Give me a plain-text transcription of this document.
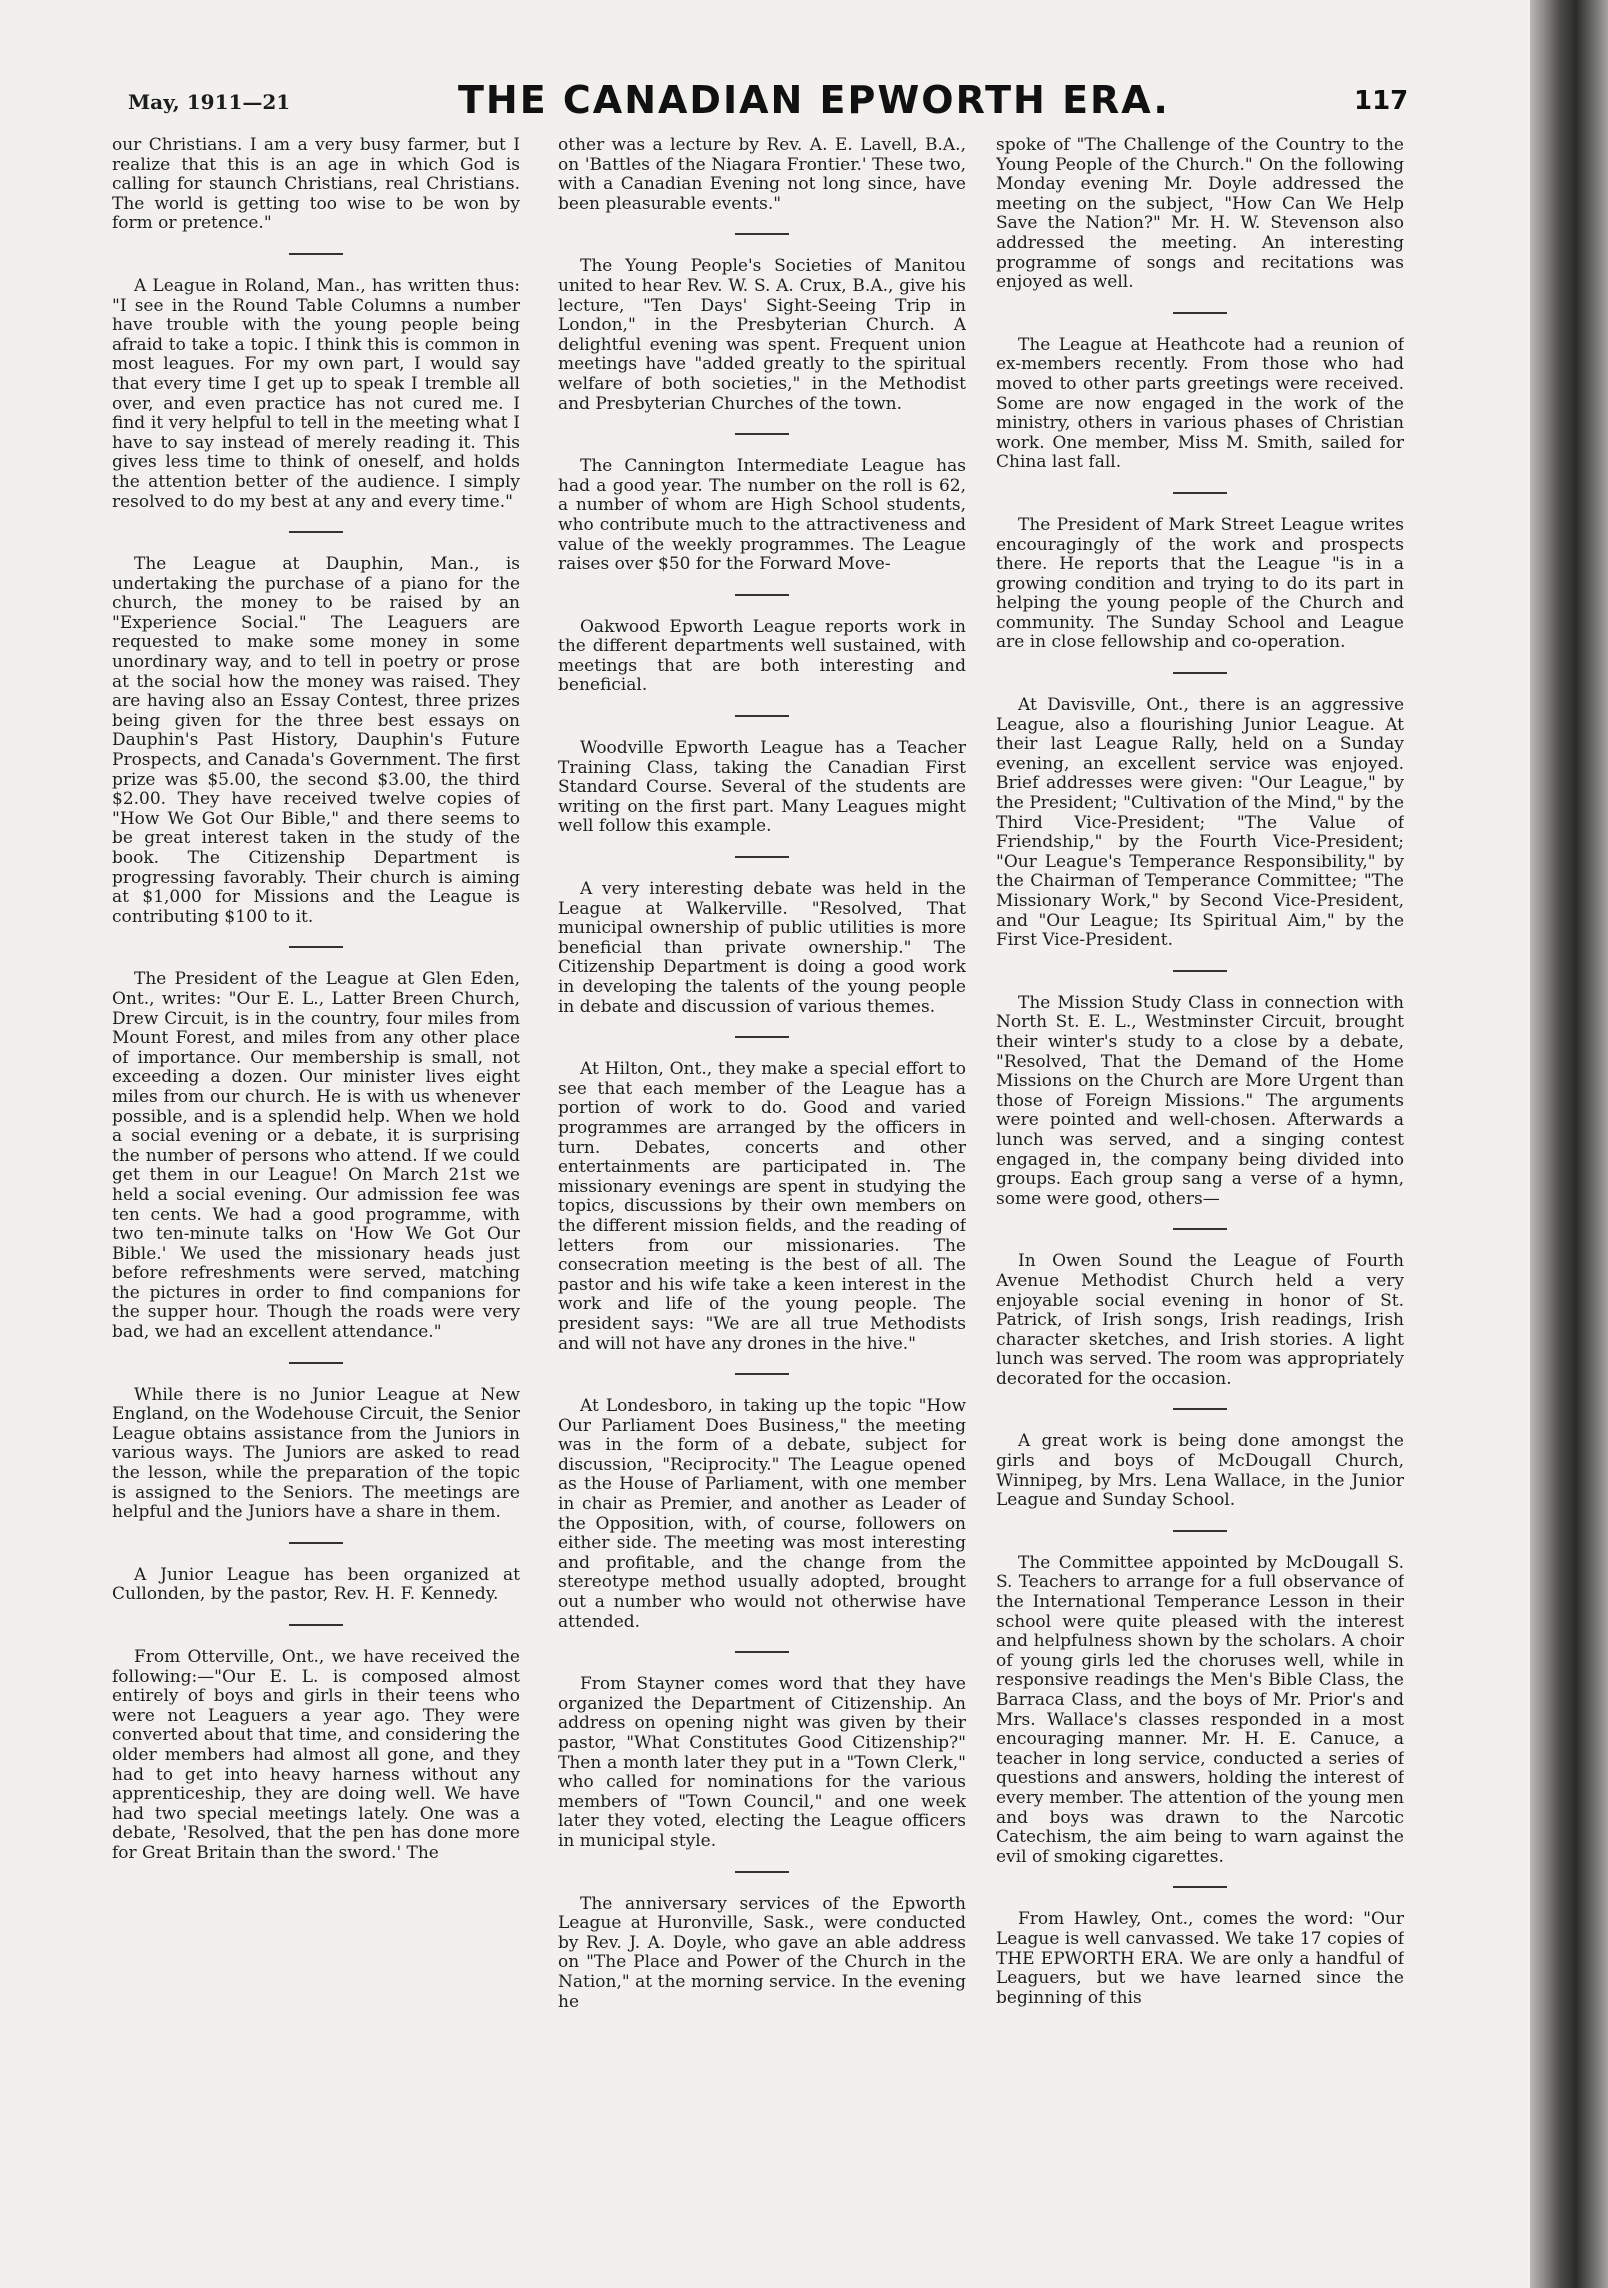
May, 1911—21	THE CANADIAN EPWORTH ERA.	117

our Christians. I am a very busy farmer, but I realize that this is an age in which God is calling for staunch Christians, real Christians. The world is getting too wise to be won by form or pretence."

A League in Roland, Man., has written thus: "I see in the Round Table Columns a number have trouble with the young people being afraid to take a topic. I think this is common in most leagues. For my own part, I would say that every time I get up to speak I tremble all over, and even practice has not cured me. I find it very helpful to tell in the meeting what I have to say instead of merely reading it. This gives less time to think of oneself, and holds the attention better of the audience. I simply resolved to do my best at any and every time."

The League at Dauphin, Man., is undertaking the purchase of a piano for the church, the money to be raised by an "Experience Social." The Leaguers are requested to make some money in some unordinary way, and to tell in poetry or prose at the social how the money was raised. They are having also an Essay Contest, three prizes being given for the three best essays on Dauphin's Past History, Dauphin's Future Prospects, and Canada's Government. The first prize was $5.00, the second $3.00, the third $2.00. They have received twelve copies of "How We Got Our Bible," and there seems to be great interest taken in the study of the book. The Citizenship Department is progressing favorably. Their church is aiming at $1,000 for Missions and the League is contributing $100 to it.

The President of the League at Glen Eden, Ont., writes: "Our E. L., Latter Breen Church, Drew Circuit, is in the country, four miles from Mount Forest, and miles from any other place of importance. Our membership is small, not exceeding a dozen. Our minister lives eight miles from our church. He is with us whenever possible, and is a splendid help. When we hold a social evening or a debate, it is surprising the number of persons who attend. If we could get them in our League! On March 21st we held a social evening. Our admission fee was ten cents. We had a good programme, with two ten-minute talks on 'How We Got Our Bible.' We used the missionary heads just before refreshments were served, matching the pictures in order to find companions for the supper hour. Though the roads were very bad, we had an excellent attendance."

While there is no Junior League at New England, on the Wodehouse Circuit, the Senior League obtains assistance from the Juniors in various ways. The Juniors are asked to read the lesson, while the preparation of the topic is assigned to the Seniors. The meetings are helpful and the Juniors have a share in them.

A Junior League has been organized at Cullonden, by the pastor, Rev. H. F. Kennedy.

From Otterville, Ont., we have received the following:—"Our E. L. is composed almost entirely of boys and girls in their teens who were not Leaguers a year ago. They were converted about that time, and considering the older members had almost all gone, and they had to get into heavy harness without any apprenticeship, they are doing well. We have had two special meetings lately. One was a debate, 'Resolved, that the pen has done more for Great Britain than the sword.' The

other was a lecture by Rev. A. E. Lavell, B.A., on 'Battles of the Niagara Frontier.' These two, with a Canadian Evening not long since, have been pleasurable events."

The Young People's Societies of Manitou united to hear Rev. W. S. A. Crux, B.A., give his lecture, "Ten Days' Sight-Seeing Trip in London," in the Presbyterian Church. A delightful evening was spent. Frequent union meetings have "added greatly to the spiritual welfare of both societies," in the Methodist and Presbyterian Churches of the town.

The Cannington Intermediate League has had a good year. The number on the roll is 62, a number of whom are High School students, who contribute much to the attractiveness and value of the weekly programmes. The League raises over $50 for the Forward Move-

Oakwood Epworth League reports work in the different departments well sustained, with meetings that are both interesting and beneficial.

Woodville Epworth League has a Teacher Training Class, taking the Canadian First Standard Course. Several of the students are writing on the first part. Many Leagues might well follow this example.

A very interesting debate was held in the League at Walkerville. "Resolved, That municipal ownership of public utilities is more beneficial than private ownership." The Citizenship Department is doing a good work in developing the talents of the young people in debate and discussion of various themes.

At Hilton, Ont., they make a special effort to see that each member of the League has a portion of work to do. Good and varied programmes are arranged by the officers in turn. Debates, concerts and other entertainments are participated in. The missionary evenings are spent in studying the topics, discussions by their own members on the different mission fields, and the reading of letters from our missionaries. The consecration meeting is the best of all. The pastor and his wife take a keen interest in the work and life of the young people. The president says: "We are all true Methodists and will not have any drones in the hive."

At Londesboro, in taking up the topic "How Our Parliament Does Business," the meeting was in the form of a debate, subject for discussion, "Reciprocity." The League opened as the House of Parliament, with one member in chair as Premier, and another as Leader of the Opposition, with, of course, followers on either side. The meeting was most interesting and profitable, and the change from the stereotype method usually adopted, brought out a number who would not otherwise have attended.

From Stayner comes word that they have organized the Department of Citizenship. An address on opening night was given by their pastor, "What Constitutes Good Citizenship?" Then a month later they put in a "Town Clerk," who called for nominations for the various members of "Town Council," and one week later they voted, electing the League officers in municipal style.

The anniversary services of the Epworth League at Huronville, Sask., were conducted by Rev. J. A. Doyle, who gave an able address on "The Place and Power of the Church in the Nation," at the morning service. In the evening he

spoke of "The Challenge of the Country to the Young People of the Church." On the following Monday evening Mr. Doyle addressed the meeting on the subject, "How Can We Help Save the Nation?" Mr. H. W. Stevenson also addressed the meeting. An interesting programme of songs and recitations was enjoyed as well.

The League at Heathcote had a reunion of ex-members recently. From those who had moved to other parts greetings were received. Some are now engaged in the work of the ministry, others in various phases of Christian work. One member, Miss M. Smith, sailed for China last fall.

The President of Mark Street League writes encouragingly of the work and prospects there. He reports that the League "is in a growing condition and trying to do its part in helping the young people of the Church and community. The Sunday School and League are in close fellowship and co-operation.

At Davisville, Ont., there is an aggressive League, also a flourishing Junior League. At their last League Rally, held on a Sunday evening, an excellent service was enjoyed. Brief addresses were given: "Our League," by the President; "Cultivation of the Mind," by the Third Vice-President; "The Value of Friendship," by the Fourth Vice-President; "Our League's Temperance Responsibility," by the Chairman of Temperance Committee; "The Missionary Work," by Second Vice-President, and "Our League; Its Spiritual Aim," by the First Vice-President.

The Mission Study Class in connection with North St. E. L., Westminster Circuit, brought their winter's study to a close by a debate, "Resolved, That the Demand of the Home Missions on the Church are More Urgent than those of Foreign Missions." The arguments were pointed and well-chosen. Afterwards a lunch was served, and a singing contest engaged in, the company being divided into groups. Each group sang a verse of a hymn, some were good, others—

In Owen Sound the League of Fourth Avenue Methodist Church held a very enjoyable social evening in honor of St. Patrick, of Irish songs, Irish readings, Irish character sketches, and Irish stories. A light lunch was served. The room was appropriately decorated for the occasion.

A great work is being done amongst the girls and boys of McDougall Church, Winnipeg, by Mrs. Lena Wallace, in the Junior League and Sunday School.

The Committee appointed by McDougall S. S. Teachers to arrange for a full observance of the International Temperance Lesson in their school were quite pleased with the interest and helpfulness shown by the scholars. A choir of young girls led the choruses well, while in responsive readings the Men's Bible Class, the Barraca Class, and the boys of Mr. Prior's and Mrs. Wallace's classes responded in a most encouraging manner. Mr. H. E. Canuce, a teacher in long service, conducted a series of questions and answers, holding the interest of every member. The attention of the young men and boys was drawn to the Narcotic Catechism, the aim being to warn against the evil of smoking cigarettes.

From Hawley, Ont., comes the word: "Our League is well canvassed. We take 17 copies of THE EPWORTH ERA. We are only a handful of Leaguers, but we have learned since the beginning of this
